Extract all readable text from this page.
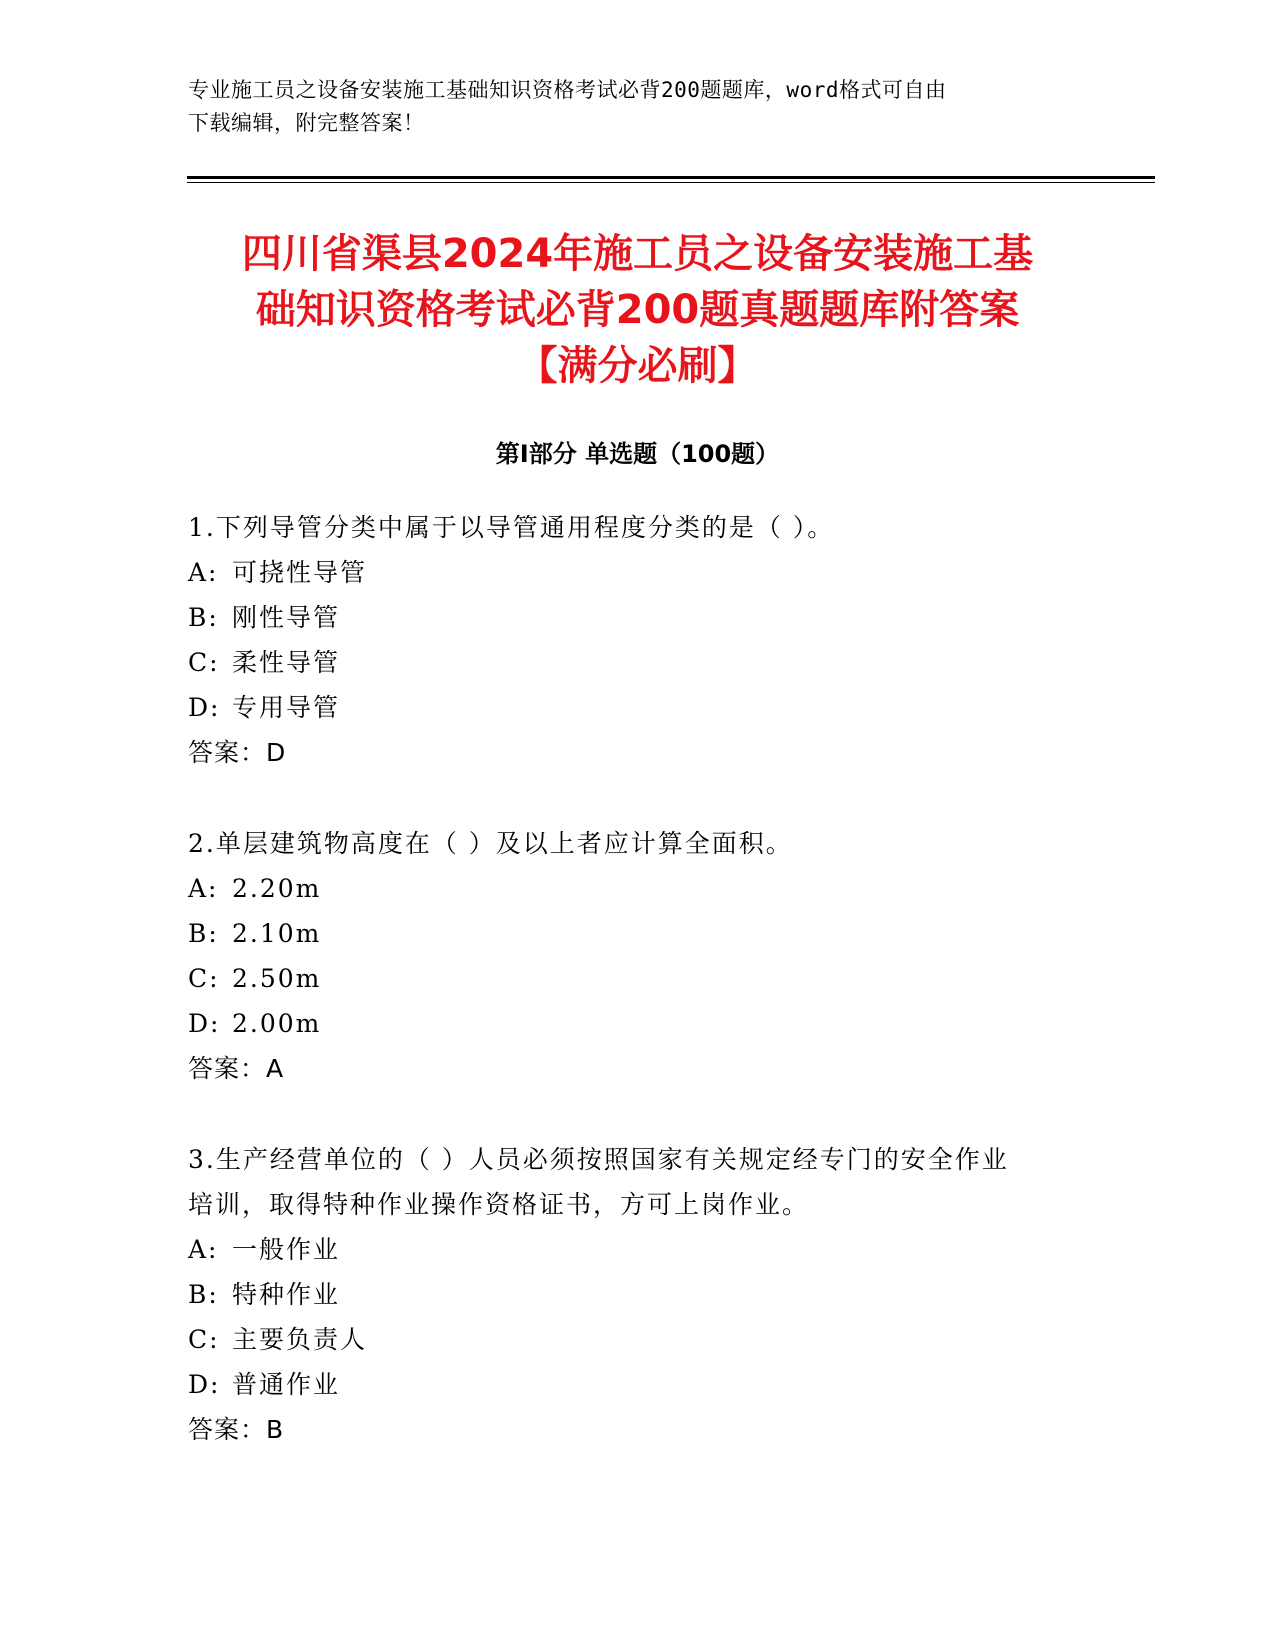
专业施工员之设备安装施工基础知识资格考试必背200题题库，word格式可自由
下载编辑，附完整答案！
四川省渠县2024年施工员之设备安装施工基
础知识资格考试必背200题真题题库附答案
【满分必刷】
第I部分 单选题（100题）
1.下列导管分类中属于以导管通用程度分类的是（ ）。
A: 可挠性导管
B: 刚性导管
C: 柔性导管
D: 专用导管
答案：D
2.单层建筑物高度在（ ）及以上者应计算全面积。
A: 2.20m
B: 2.10m
C: 2.50m
D: 2.00m
答案：A
3.生产经营单位的（ ）人员必须按照国家有关规定经专门的安全作业
培训，取得特种作业操作资格证书，方可上岗作业。
A: 一般作业
B: 特种作业
C: 主要负责人
D: 普通作业
答案：B
